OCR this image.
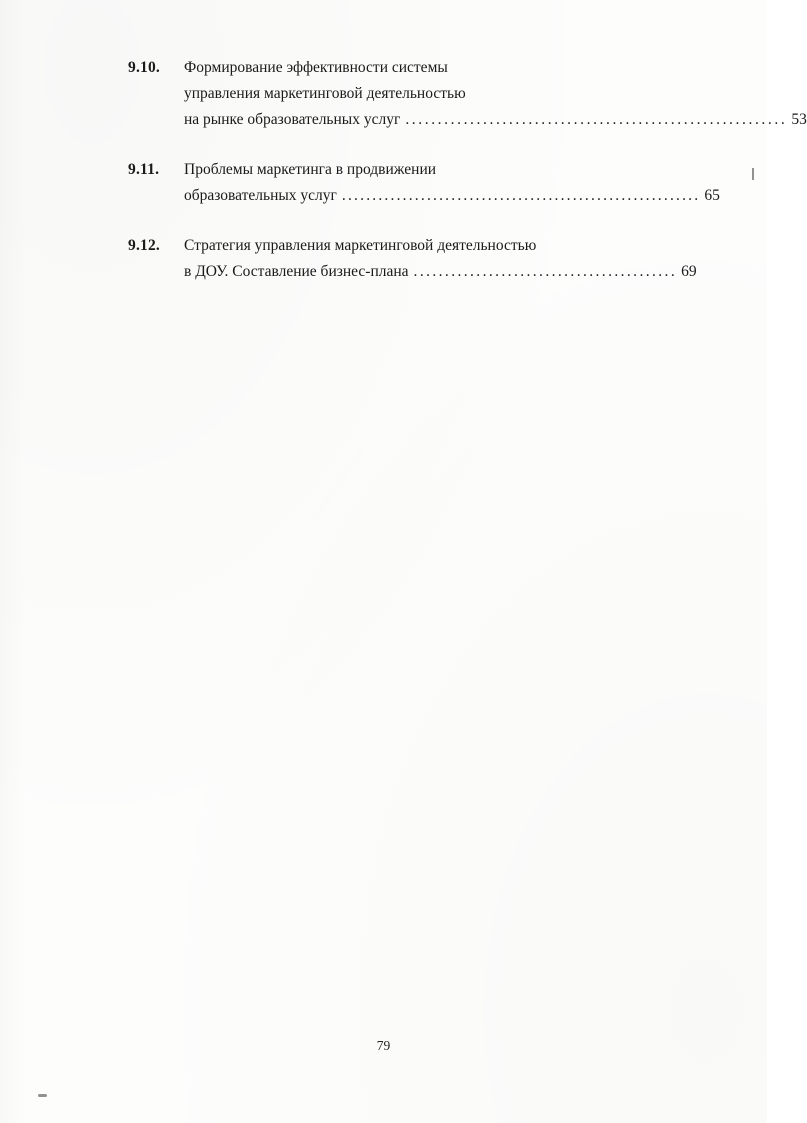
9.10.	Формирование эффективности системы
управления маркетинговой деятельностью
на рынке образовательных услуг ........................................................... 53
9.11.	Проблемы маркетинга в продвижении
образовательных услуг ........................................................... 65
9.12.	Стратегия управления маркетинговой деятельностью
в ДОУ. Составление бизнес-плана .......................................... 69
79
